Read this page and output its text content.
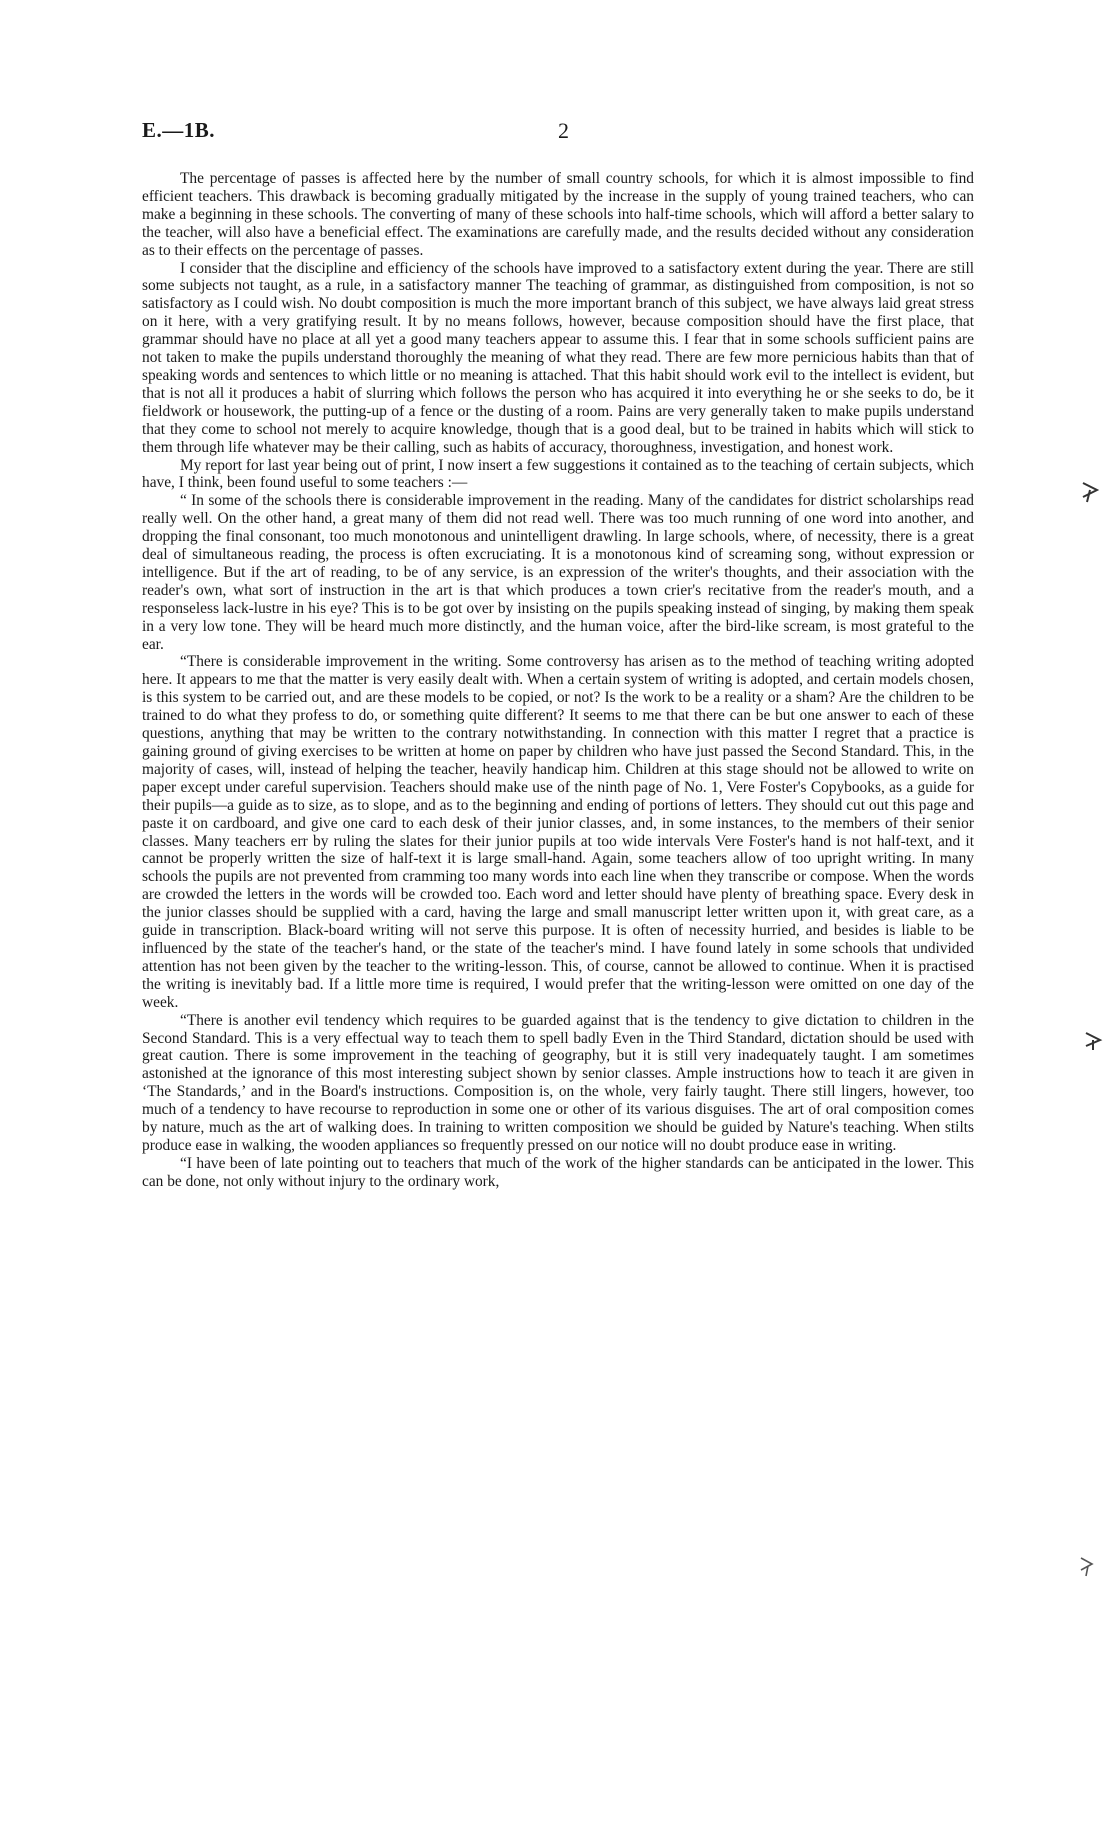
E.—1B.	2

The percentage of passes is affected here by the number of small country schools, for which it is almost impossible to find efficient teachers. This drawback is becoming gradually mitigated by the increase in the supply of young trained teachers, who can make a beginning in these schools. The converting of many of these schools into half-time schools, which will afford a better salary to the teacher, will also have a beneficial effect. The examinations are carefully made, and the results decided without any consideration as to their effects on the percentage of passes.

I consider that the discipline and efficiency of the schools have improved to a satisfactory extent during the year. There are still some subjects not taught, as a rule, in a satisfactory manner The teaching of grammar, as distinguished from composition, is not so satisfactory as I could wish. No doubt composition is much the more important branch of this subject, we have always laid great stress on it here, with a very gratifying result. It by no means follows, however, because composition should have the first place, that grammar should have no place at all yet a good many teachers appear to assume this. I fear that in some schools sufficient pains are not taken to make the pupils understand thoroughly the meaning of what they read. There are few more pernicious habits than that of speaking words and sentences to which little or no meaning is attached. That this habit should work evil to the intellect is evident, but that is not all it produces a habit of slurring which follows the person who has acquired it into everything he or she seeks to do, be it fieldwork or housework, the putting-up of a fence or the dusting of a room. Pains are very generally taken to make pupils understand that they come to school not merely to acquire knowledge, though that is a good deal, but to be trained in habits which will stick to them through life whatever may be their calling, such as habits of accuracy, thoroughness, investigation, and honest work.

My report for last year being out of print, I now insert a few suggestions it contained as to the teaching of certain subjects, which have, I think, been found useful to some teachers :—

“ In some of the schools there is considerable improvement in the reading. Many of the candidates for district scholarships read really well. On the other hand, a great many of them did not read well. There was too much running of one word into another, and dropping the final consonant, too much monotonous and unintelligent drawling. In large schools, where, of necessity, there is a great deal of simultaneous reading, the process is often excruciating. It is a monotonous kind of screaming song, without expression or intelligence. But if the art of reading, to be of any service, is an expression of the writer's thoughts, and their association with the reader's own, what sort of instruction in the art is that which produces a town crier's recitative from the reader's mouth, and a responseless lack-lustre in his eye? This is to be got over by insisting on the pupils speaking instead of singing, by making them speak in a very low tone. They will be heard much more distinctly, and the human voice, after the bird-like scream, is most grateful to the ear.

“There is considerable improvement in the writing. Some controversy has arisen as to the method of teaching writing adopted here. It appears to me that the matter is very easily dealt with. When a certain system of writing is adopted, and certain models chosen, is this system to be carried out, and are these models to be copied, or not? Is the work to be a reality or a sham? Are the children to be trained to do what they profess to do, or something quite different? It seems to me that there can be but one answer to each of these questions, anything that may be written to the contrary notwithstanding. In connection with this matter I regret that a practice is gaining ground of giving exercises to be written at home on paper by children who have just passed the Second Standard. This, in the majority of cases, will, instead of helping the teacher, heavily handicap him. Children at this stage should not be allowed to write on paper except under careful supervision. Teachers should make use of the ninth page of No. 1, Vere Foster's Copybooks, as a guide for their pupils—a guide as to size, as to slope, and as to the beginning and ending of portions of letters. They should cut out this page and paste it on cardboard, and give one card to each desk of their junior classes, and, in some instances, to the members of their senior classes. Many teachers err by ruling the slates for their junior pupils at too wide intervals Vere Foster's hand is not half-text, and it cannot be properly written the size of half-text it is large small-hand. Again, some teachers allow of too upright writing. In many schools the pupils are not prevented from cramming too many words into each line when they transcribe or compose. When the words are crowded the letters in the words will be crowded too. Each word and letter should have plenty of breathing space. Every desk in the junior classes should be supplied with a card, having the large and small manuscript letter written upon it, with great care, as a guide in transcription. Black-board writing will not serve this purpose. It is often of necessity hurried, and besides is liable to be influenced by the state of the teacher's hand, or the state of the teacher's mind. I have found lately in some schools that undivided attention has not been given by the teacher to the writing-lesson. This, of course, cannot be allowed to continue. When it is practised the writing is inevitably bad. If a little more time is required, I would prefer that the writing-lesson were omitted on one day of the week.

“There is another evil tendency which requires to be guarded against that is the tendency to give dictation to children in the Second Standard. This is a very effectual way to teach them to spell badly Even in the Third Standard, dictation should be used with great caution. There is some improvement in the teaching of geography, but it is still very inadequately taught. I am sometimes astonished at the ignorance of this most interesting subject shown by senior classes. Ample instructions how to teach it are given in ‘The Standards,’ and in the Board's instructions. Composition is, on the whole, very fairly taught. There still lingers, however, too much of a tendency to have recourse to reproduction in some one or other of its various disguises. The art of oral composition comes by nature, much as the art of walking does. In training to written composition we should be guided by Nature's teaching. When stilts produce ease in walking, the wooden appliances so frequently pressed on our notice will no doubt produce ease in writing.

“I have been of late pointing out to teachers that much of the work of the higher standards can be anticipated in the lower. This can be done, not only without injury to the ordinary work,
